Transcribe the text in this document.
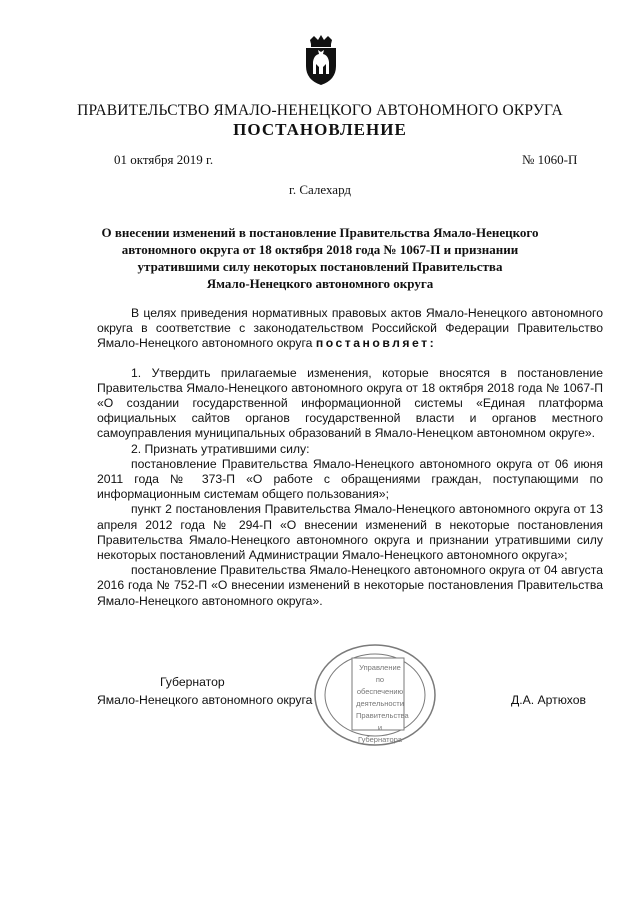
ПРАВИТЕЛЬСТВО ЯМАЛО-НЕНЕЦКОГО АВТОНОМНОГО ОКРУГА
ПОСТАНОВЛЕНИЕ
01 октября 2019 г.	№ 1060-П
г. Салехард
О внесении изменений в постановление Правительства Ямало-Ненецкого
автономного округа от 18 октября 2018 года № 1067-П и признании
утратившими силу некоторых постановлений Правительства
Ямало-Ненецкого автономного округа

В целях приведения нормативных правовых актов Ямало-Ненецкого автономного округа в соответствие с законодательством Российской Федерации Правительство Ямало-Ненецкого автономного округа постановляет:

1. Утвердить прилагаемые изменения, которые вносятся в постановление Правительства Ямало-Ненецкого автономного округа от 18 октября 2018 года № 1067-П «О создании государственной информационной системы «Единая платформа официальных сайтов органов государственной власти и органов местного самоуправления муниципальных образований в Ямало-Ненецком автономном округе».

2. Признать утратившими силу:

постановление Правительства Ямало-Ненецкого автономного округа от 06 июня 2011 года № 373-П «О работе с обращениями граждан, поступающими по информационным системам общего пользования»;

пункт 2 постановления Правительства Ямало-Ненецкого автономного округа от 13 апреля 2012 года № 294-П «О внесении изменений в некоторые постановления Правительства Ямало-Ненецкого автономного округа и признании утратившими силу некоторых постановлений Администрации Ямало-Ненецкого автономного округа»;

постановление Правительства Ямало-Ненецкого автономного округа от 04 августа 2016 года № 752-П «О внесении изменений в некоторые постановления Правительства Ямало-Ненецкого автономного округа».

Управление по
обеспечению
деятельности
Правительства
и Губернатора
Губернатор
Ямало-Ненецкого автономного округа	Д.А. Артюхов
